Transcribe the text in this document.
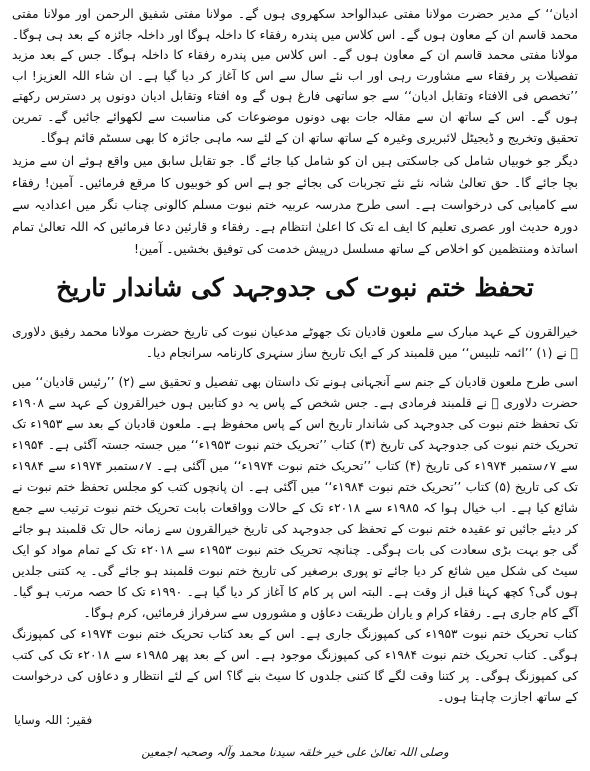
ادیان‘‘ کے مدیر حضرت مولانا مفتی عبدالواحد سکھروی ہوں گے۔ مولانا مفتی شفیق الرحمن اور مولانا مفتی محمد قاسم ان کے معاون ہوں گے۔ اس کلاس میں پندرہ رفقاء کا داخلہ ہوگا اور داخلہ جائزہ کے بعد ہی ہوگا۔ مولانا مفتی محمد قاسم ان کے معاون ہوں گے۔ اس کلاس میں پندرہ رفقاء کا داخلہ ہوگا۔ جس کے بعد مزید تفصیلات پر رفقاء سے مشاورت رہی اور اب نئے سال سے اس کا آغاز کر دیا گیا ہے۔ ان شاء اللہ العزیز! اب ’’تخصص فی الافتاء وتقابل ادیان‘‘ سے جو ساتھی فارغ ہوں گے وہ افتاء وتقابل ادیان دونوں پر دسترس رکھتے ہوں گے۔ اس کے ساتھ ان سے مقالہ جات بھی دونوں موضوعات کی مناسبت سے لکھوائے جائیں گے۔ تمرین تحقیق وتخریج و ڈیجیٹل لائبریری وغیرہ کے ساتھ ساتھ ان کے لئے سہ ماہی جائزہ کا بھی سسٹم قائم ہوگا۔

دیگر جو خوبیاں شامل کی جاسکتی ہیں ان کو شامل کیا جائے گا۔ جو تقابل سابق میں واقع ہوئے ان سے مزید بچا جائے گا۔ حق تعالیٰ شانہ نئے نئے تجربات کی بجائے جو ہے اس کو خوبیوں کا مرقع فرمائیں۔ آمین! رفقاء سے کامیابی کی درخواست ہے۔ اسی طرح مدرسہ عربیہ ختم نبوت مسلم کالونی چناب نگر میں اعدادیہ سے دورہ حدیث اور عصری تعلیم کا ایف اے تک کا اعلیٰ انتظام ہے۔ رفقاء و قارئین دعا فرمائیں کہ اللہ تعالیٰ تمام اساتذہ ومنتظمین کو اخلاص کے ساتھ مسلسل درپیش خدمت کی توفیق بخشیں۔ آمین!

تحفظ ختم نبوت کی جدوجہد کی شاندار تاریخ

خیرالقرون کے عہد مبارک سے ملعون قادیان تک جھوٹے مدعیان نبوت کی تاریخ حضرت مولانا محمد رفیق دلاوری ﷫ نے (۱) ’’ائمہ تلبیس‘‘ میں قلمبند کر کے ایک تاریخ ساز سنہری کارنامہ سرانجام دیا۔

اسی طرح ملعون قادیان کے جنم سے آنجہانی ہونے تک داستان بھی تفصیل و تحقیق سے (۲) ’’رئیس قادیان‘‘ میں حضرت دلاوری ﷫ نے قلمبند فرمادی ہے۔ جس شخص کے پاس یہ دو کتابیں ہوں خیرالقرون کے عہد سے ۱۹۰۸ء تک تحفظ ختم نبوت کی جدوجہد کی شاندار تاریخ اس کے پاس محفوظ ہے۔ ملعون قادیان کے بعد سے ۱۹۵۳ء تک تحریک ختم نبوت کی جدوجہد کی تاریخ (۳) کتاب ’’تحریک ختم نبوت ۱۹۵۳ء‘‘ میں جستہ جستہ آگئی ہے۔ ۱۹۵۴ء سے ۷؍ستمبر ۱۹۷۴ء کی تاریخ (۴) کتاب ’’تحریک ختم نبوت ۱۹۷۴ء‘‘ میں آگئی ہے۔ ۷؍ستمبر ۱۹۷۴ء سے ۱۹۸۴ء تک کی تاریخ (۵) کتاب ’’تحریک ختم نبوت ۱۹۸۴ء‘‘ میں آگئی ہے۔ ان پانچوں کتب کو مجلس تحفظ ختم نبوت نے شائع کیا ہے۔ اب خیال ہوا کہ ۱۹۸۵ء سے ۲۰۱۸ء تک کے حالات وواقعات بابت تحریک ختم نبوت ترتیب سے جمع کر دیئے جائیں تو عقیدہ ختم نبوت کے تحفظ کی جدوجہد کی تاریخ خیرالقرون سے زمانہ حال تک قلمبند ہو جائے گی جو بہت بڑی سعادت کی بات ہوگی۔ چنانچہ تحریک ختم نبوت ۱۹۵۳ء سے ۲۰۱۸ء تک کے تمام مواد کو ایک سیٹ کی شکل میں شائع کر دیا جائے تو پوری برصغیر کی تاریخ ختم نبوت قلمبند ہو جائے گی۔ یہ کتنی جلدیں ہوں گی؟ کچھ کہنا قبل از وقت ہے۔ البتہ اس پر کام کا آغاز کر دیا گیا ہے۔ ۱۹۹۰ء تک کا حصہ مرتب ہو گیا۔ آگے کام جاری ہے۔ رفقاء کرام و یاران طریقت دعاؤں و مشوروں سے سرفراز فرمائیں، کرم ہوگا۔

کتاب تحریک ختم نبوت ۱۹۵۳ء کی کمپوزنگ جاری ہے۔ اس کے بعد کتاب تحریک ختم نبوت ۱۹۷۴ء کی کمپوزنگ ہوگی۔ کتاب تحریک ختم نبوت ۱۹۸۴ء کی کمپوزنگ موجود ہے۔ اس کے بعد پھر ۱۹۸۵ء سے ۲۰۱۸ء تک کی کتب کی کمپوزنگ ہوگی۔ پر کتنا وقت لگے گا کتنی جلدوں کا سیٹ بنے گا؟ اس کے لئے انتظار و دعاؤں کی درخواست کے ساتھ اجازت چاہتا ہوں۔

فقیر: اللہ وسایا
وصلی اللہ تعالیٰ علی خیر خلقہ سیدنا محمد وآلہ وصحبہ اجمعین
